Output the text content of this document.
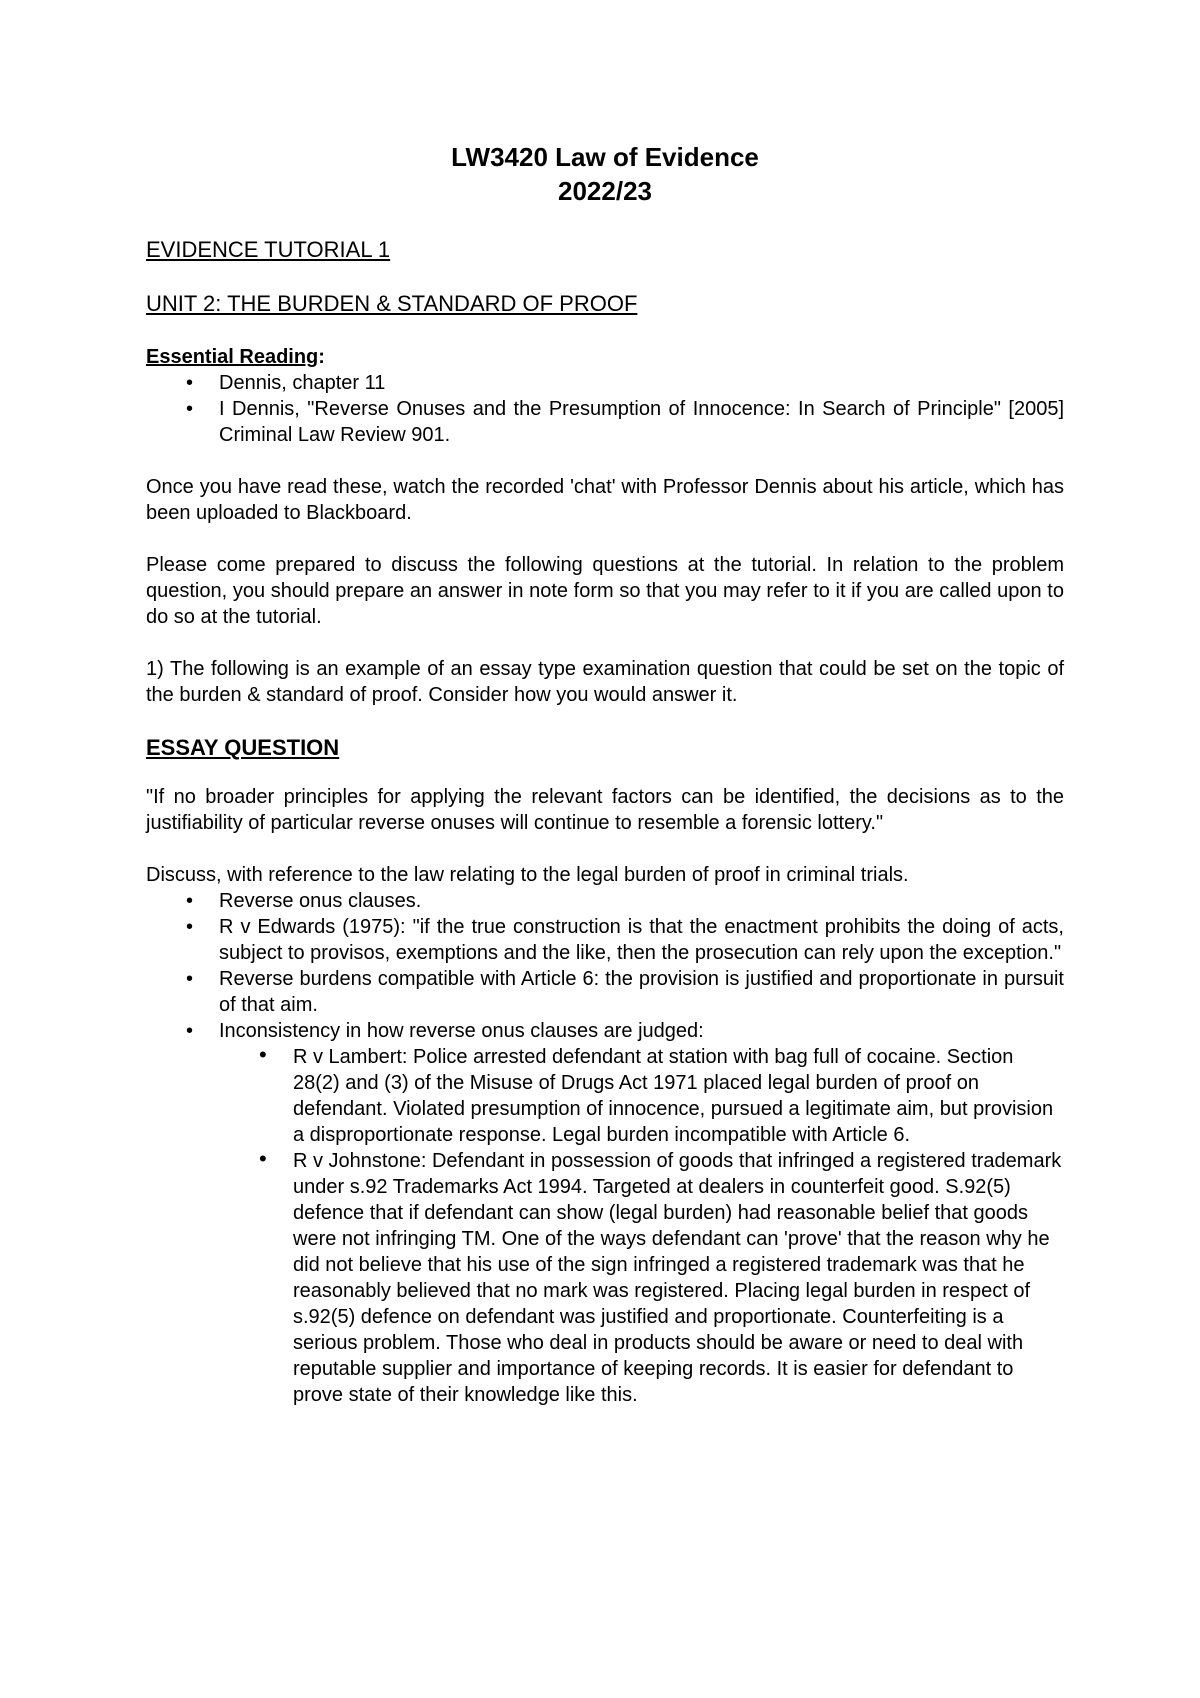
LW3420 Law of Evidence

2022/23

EVIDENCE TUTORIAL 1

UNIT 2: THE BURDEN & STANDARD OF PROOF

Essential Reading:

• Dennis, chapter 11
• I Dennis, "Reverse Onuses and the Presumption of Innocence: In Search of Principle" [2005] Criminal Law Review 901.

Once you have read these, watch the recorded 'chat' with Professor Dennis about his article, which has been uploaded to Blackboard.

Please come prepared to discuss the following questions at the tutorial. In relation to the problem question, you should prepare an answer in note form so that you may refer to it if you are called upon to do so at the tutorial.

1) The following is an example of an essay type examination question that could be set on the topic of the burden & standard of proof. Consider how you would answer it.

ESSAY QUESTION

"If no broader principles for applying the relevant factors can be identified, the decisions as to the justifiability of particular reverse onuses will continue to resemble a forensic lottery."

Discuss, with reference to the law relating to the legal burden of proof in criminal trials.

• Reverse onus clauses.
• R v Edwards (1975): "if the true construction is that the enactment prohibits the doing of acts, subject to provisos, exemptions and the like, then the prosecution can rely upon the exception."
• Reverse burdens compatible with Article 6: the provision is justified and proportionate in pursuit of that aim.
• Inconsistency in how reverse onus clauses are judged:
• R v Lambert: Police arrested defendant at station with bag full of cocaine. Section 28(2) and (3) of the Misuse of Drugs Act 1971 placed legal burden of proof on defendant. Violated presumption of innocence, pursued a legitimate aim, but provision a disproportionate response. Legal burden incompatible with Article 6.
• R v Johnstone: Defendant in possession of goods that infringed a registered trademark under s.92 Trademarks Act 1994. Targeted at dealers in counterfeit good. S.92(5) defence that if defendant can show (legal burden) had reasonable belief that goods were not infringing TM. One of the ways defendant can 'prove' that the reason why he did not believe that his use of the sign infringed a registered trademark was that he reasonably believed that no mark was registered. Placing legal burden in respect of s.92(5) defence on defendant was justified and proportionate. Counterfeiting is a serious problem. Those who deal in products should be aware or need to deal with reputable supplier and importance of keeping records. It is easier for defendant to prove state of their knowledge like this.
